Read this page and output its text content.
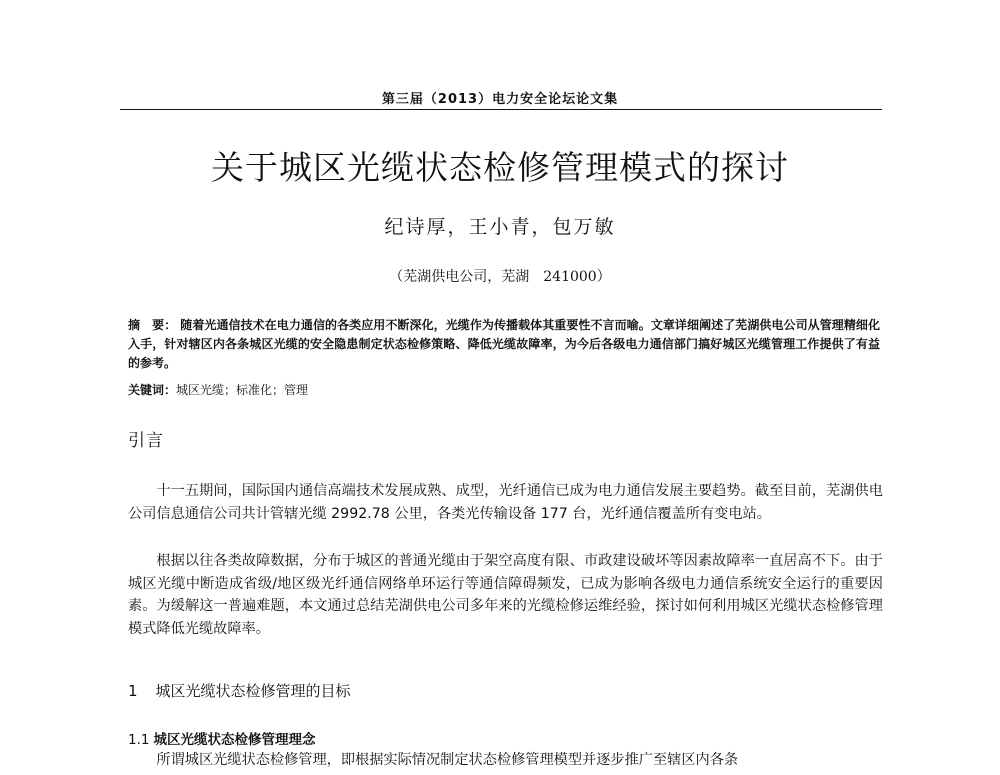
第三届（2013）电力安全论坛论文集
关于城区光缆状态检修管理模式的探讨
纪诗厚，王小青，包万敏
（芜湖供电公司，芜湖　241000）
摘　要： 随着光通信技术在电力通信的各类应用不断深化，光缆作为传播载体其重要性不言而喻。文章详细阐述了芜湖供电公司从管理精细化入手，针对辖区内各条城区光缆的安全隐患制定状态检修策略、降低光缆故障率，为今后各级电力通信部门搞好城区光缆管理工作提供了有益的参考。
关键词：城区光缆；标准化；管理
引言

十一五期间，国际国内通信高端技术发展成熟、成型，光纤通信已成为电力通信发展主要趋势。截至目前，芜湖供电公司信息通信公司共计管辖光缆 2992.78 公里，各类光传输设备 177 台，光纤通信覆盖所有变电站。

根据以往各类故障数据，分布于城区的普通光缆由于架空高度有限、市政建设破坏等因素故障率一直居高不下。由于城区光缆中断造成省级/地区级光纤通信网络单环运行等通信障碍频发，已成为影响各级电力通信系统安全运行的重要因素。为缓解这一普遍难题，本文通过总结芜湖供电公司多年来的光缆检修运维经验，探讨如何利用城区光缆状态检修管理模式降低光缆故障率。

1 城区光缆状态检修管理的目标
1.1 城区光缆状态检修管理理念

所谓城区光缆状态检修管理，即根据实际情况制定状态检修管理模型并逐步推广至辖区内各条
